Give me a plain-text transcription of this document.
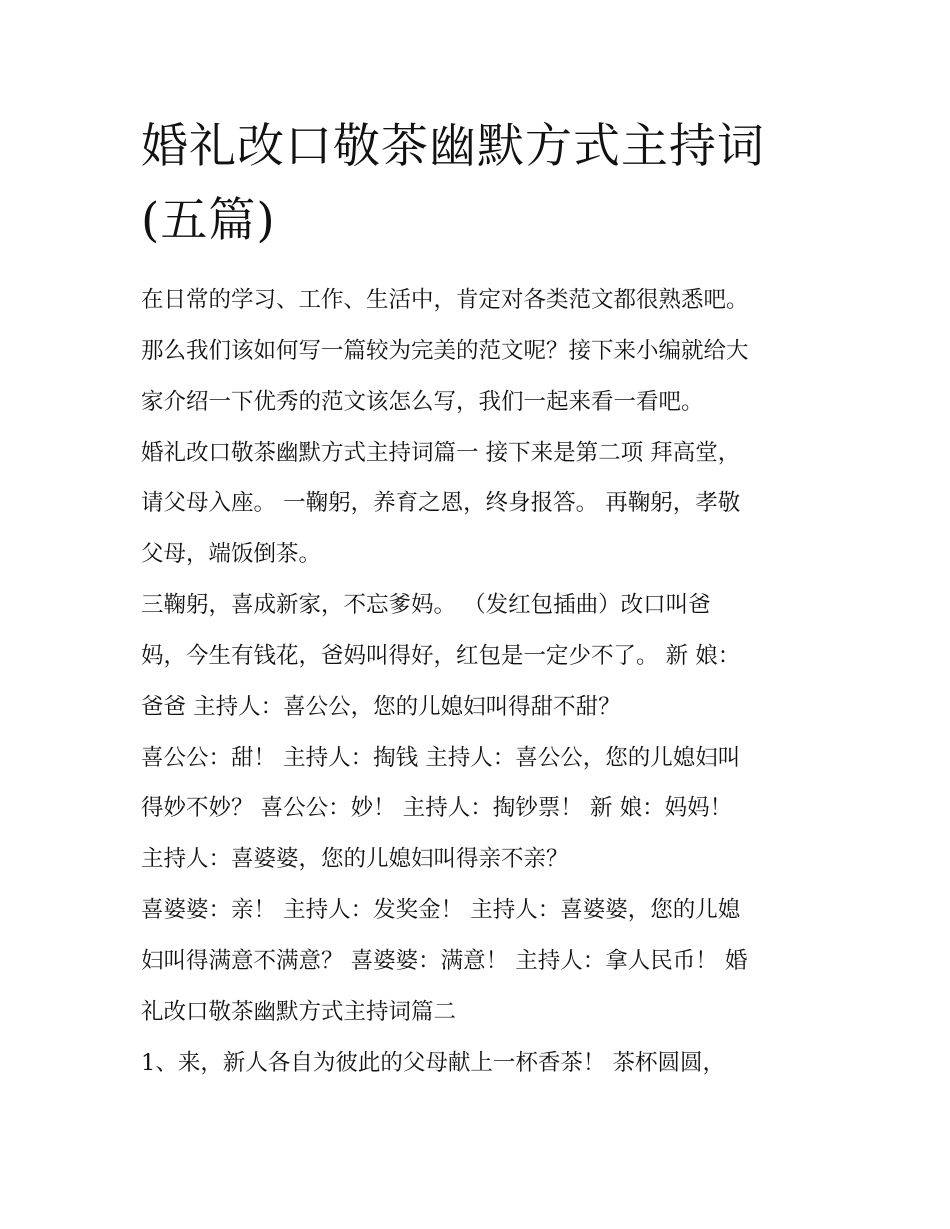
婚礼改口敬茶幽默方式主持词
(五篇)

在日常的学习、工作、生活中，肯定对各类范文都很熟悉吧。

那么我们该如何写一篇较为完美的范文呢？接下来小编就给大

家介绍一下优秀的范文该怎么写，我们一起来看一看吧。

婚礼改口敬茶幽默方式主持词篇一 接下来是第二项 拜高堂，

请父母入座。 一鞠躬，养育之恩，终身报答。 再鞠躬，孝敬

父母，端饭倒茶。

三鞠躬，喜成新家，不忘爹妈。 （发红包插曲）改口叫爸

妈，今生有钱花，爸妈叫得好，红包是一定少不了。 新 娘：

爸爸 主持人：喜公公，您的儿媳妇叫得甜不甜？

喜公公：甜！ 主持人：掏钱 主持人：喜公公，您的儿媳妇叫

得妙不妙？ 喜公公：妙！ 主持人：掏钞票！ 新 娘：妈妈！

主持人：喜婆婆，您的儿媳妇叫得亲不亲？

喜婆婆：亲！ 主持人：发奖金！ 主持人：喜婆婆，您的儿媳

妇叫得满意不满意？ 喜婆婆：满意！ 主持人：拿人民币！ 婚

礼改口敬茶幽默方式主持词篇二

1、来，新人各自为彼此的父母献上一杯香茶！ 茶杯圆圆，
